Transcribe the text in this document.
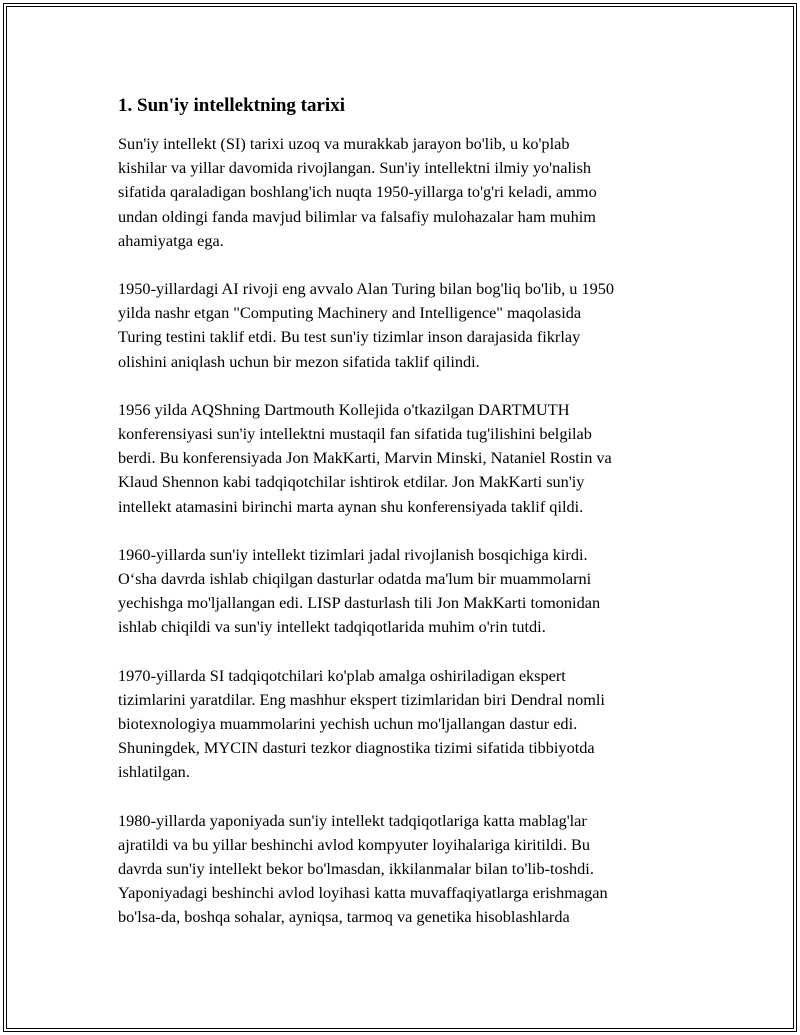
1. Sun'iy intellektning tarixi

Sun'iy intellekt (SI) tarixi uzoq va murakkab jarayon bo'lib, u ko'plab
kishilar va yillar davomida rivojlangan. Sun'iy intellektni ilmiy yo'nalish
sifatida qaraladigan boshlang'ich nuqta 1950-yillarga to'g'ri keladi, ammo
undan oldingi fanda mavjud bilimlar va falsafiy mulohazalar ham muhim
ahamiyatga ega.

1950-yillardagi AI rivoji eng avvalo Alan Turing bilan bog'liq bo'lib, u 1950
yilda nashr etgan "Computing Machinery and Intelligence" maqolasida
Turing testini taklif etdi. Bu test sun'iy tizimlar inson darajasida fikrlay
olishini aniqlash uchun bir mezon sifatida taklif qilindi.

1956 yilda AQShning Dartmouth Kollejida o'tkazilgan DARTMUTH
konferensiyasi sun'iy intellektni mustaqil fan sifatida tug'ilishini belgilab
berdi. Bu konferensiyada Jon MakKarti, Marvin Minski, Nataniel Rostin va
Klaud Shennon kabi tadqiqotchilar ishtirok etdilar. Jon MakKarti sun'iy
intellekt atamasini birinchi marta aynan shu konferensiyada taklif qildi.

1960-yillarda sun'iy intellekt tizimlari jadal rivojlanish bosqichiga kirdi.
O‘sha davrda ishlab chiqilgan dasturlar odatda ma'lum bir muammolarni
yechishga mo'ljallangan edi. LISP dasturlash tili Jon MakKarti tomonidan
ishlab chiqildi va sun'iy intellekt tadqiqotlarida muhim o'rin tutdi.

1970-yillarda SI tadqiqotchilari ko'plab amalga oshiriladigan ekspert
tizimlarini yaratdilar. Eng mashhur ekspert tizimlaridan biri Dendral nomli
biotexnologiya muammolarini yechish uchun mo'ljallangan dastur edi.
Shuningdek, MYCIN dasturi tezkor diagnostika tizimi sifatida tibbiyotda
ishlatilgan.

1980-yillarda yaponiyada sun'iy intellekt tadqiqotlariga katta mablag'lar
ajratildi va bu yillar beshinchi avlod kompyuter loyihalariga kiritildi. Bu
davrda sun'iy intellekt bekor bo'lmasdan, ikkilanmalar bilan to'lib-toshdi.
Yaponiyadagi beshinchi avlod loyihasi katta muvaffaqiyatlarga erishmagan
bo'lsa-da, boshqa sohalar, ayniqsa, tarmoq va genetika hisoblashlarda
